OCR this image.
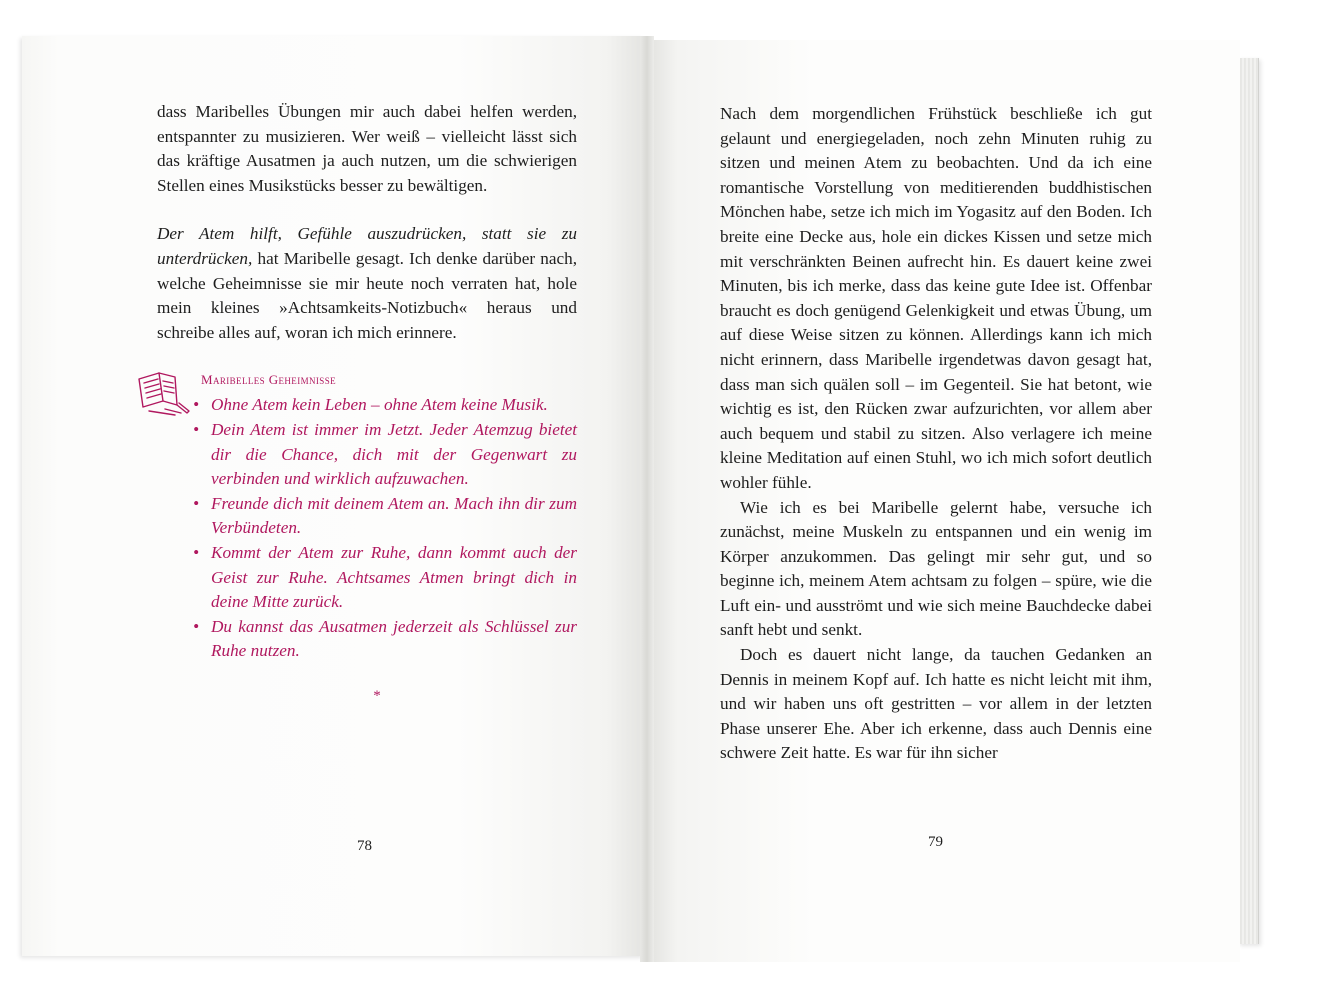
dass Maribelles Übungen mir auch dabei helfen werden, entspannter zu musizieren. Wer weiß – vielleicht lässt sich das kräftige Ausatmen ja auch nutzen, um die schwierigen Stellen eines Musikstücks besser zu bewältigen.

Der Atem hilft, Gefühle auszudrücken, statt sie zu unterdrücken, hat Maribelle gesagt. Ich denke darüber nach, welche Geheimnisse sie mir heute noch verraten hat, hole mein kleines »Achtsamkeits-Notizbuch« heraus und schreibe alles auf, woran ich mich erinnere.

Maribelles Geheimnisse
• Ohne Atem kein Leben – ohne Atem keine Musik.
• Dein Atem ist immer im Jetzt. Jeder Atemzug bietet dir die Chance, dich mit der Gegenwart zu verbinden und wirklich aufzuwachen.
• Freunde dich mit deinem Atem an. Mach ihn dir zum Verbündeten.
• Kommt der Atem zur Ruhe, dann kommt auch der Geist zur Ruhe. Achtsames Atmen bringt dich in deine Mitte zurück.
• Du kannst das Ausatmen jederzeit als Schlüssel zur Ruhe nutzen.
*
78

Nach dem morgendlichen Frühstück beschließe ich gut gelaunt und energiegeladen, noch zehn Minuten ruhig zu sitzen und meinen Atem zu beobachten. Und da ich eine romantische Vorstellung von meditierenden buddhistischen Mönchen habe, setze ich mich im Yogasitz auf den Boden. Ich breite eine Decke aus, hole ein dickes Kissen und setze mich mit verschränkten Beinen aufrecht hin. Es dauert keine zwei Minuten, bis ich merke, dass das keine gute Idee ist. Offenbar braucht es doch genügend Gelenkigkeit und etwas Übung, um auf diese Weise sitzen zu können. Allerdings kann ich mich nicht erinnern, dass Maribelle irgendetwas davon gesagt hat, dass man sich quälen soll – im Gegenteil. Sie hat betont, wie wichtig es ist, den Rücken zwar aufzurichten, vor allem aber auch bequem und stabil zu sitzen. Also verlagere ich meine kleine Meditation auf einen Stuhl, wo ich mich sofort deutlich wohler fühle.

Wie ich es bei Maribelle gelernt habe, versuche ich zunächst, meine Muskeln zu entspannen und ein wenig im Körper anzukommen. Das gelingt mir sehr gut, und so beginne ich, meinem Atem achtsam zu folgen – spüre, wie die Luft ein- und ausströmt und wie sich meine Bauchdecke dabei sanft hebt und senkt.

Doch es dauert nicht lange, da tauchen Gedanken an Dennis in meinem Kopf auf. Ich hatte es nicht leicht mit ihm, und wir haben uns oft gestritten – vor allem in der letzten Phase unserer Ehe. Aber ich erkenne, dass auch Dennis eine schwere Zeit hatte. Es war für ihn sicher

79
